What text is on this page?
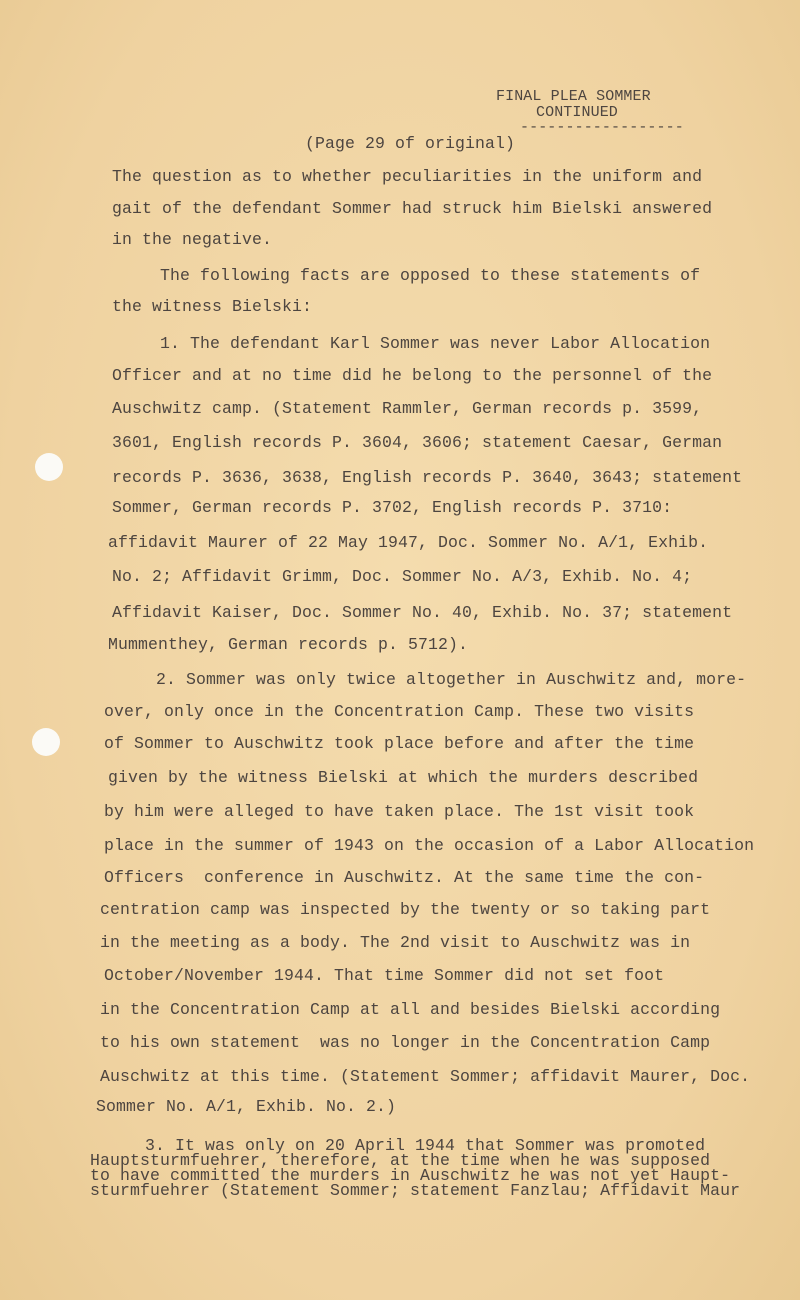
FINAL PLEA SOMMER
CONTINUED
------------------
(Page 29 of original)
The question as to whether peculiarities in the uniform and
gait of the defendant Sommer had struck him Bielski answered
in the negative.
The following facts are opposed to these statements of
the witness Bielski:
1. The defendant Karl Sommer was never Labor Allocation
Officer and at no time did he belong to the personnel of the
Auschwitz camp. (Statement Rammler, German records p. 3599,
3601, English records P. 3604, 3606; statement Caesar, German
records P. 3636, 3638, English records P. 3640, 3643; statement
Sommer, German records P. 3702, English records P. 3710:
affidavit Maurer of 22 May 1947, Doc. Sommer No. A/1, Exhib.
No. 2; Affidavit Grimm, Doc. Sommer No. A/3, Exhib. No. 4;
Affidavit Kaiser, Doc. Sommer No. 40, Exhib. No. 37; statement
Mummenthey, German records p. 5712).
2. Sommer was only twice altogether in Auschwitz and, more-
over, only once in the Concentration Camp. These two visits
of Sommer to Auschwitz took place before and after the time
given by the witness Bielski at which the murders described
by him were alleged to have taken place. The 1st visit took
place in the summer of 1943 on the occasion of a Labor Allocation
Officers  conference in Auschwitz. At the same time the con-
centration camp was inspected by the twenty or so taking part
in the meeting as a body. The 2nd visit to Auschwitz was in
October/November 1944. That time Sommer did not set foot
in the Concentration Camp at all and besides Bielski according
to his own statement  was no longer in the Concentration Camp
Auschwitz at this time. (Statement Sommer; affidavit Maurer, Doc.
Sommer No. A/1, Exhib. No. 2.)
3. It was only on 20 April 1944 that Sommer was promoted
Hauptsturmfuehrer, therefore, at the time when he was supposed
to have committed the murders in Auschwitz he was not yet Haupt-
sturmfuehrer (Statement Sommer; statement Fanzlau; Affidavit Maur
